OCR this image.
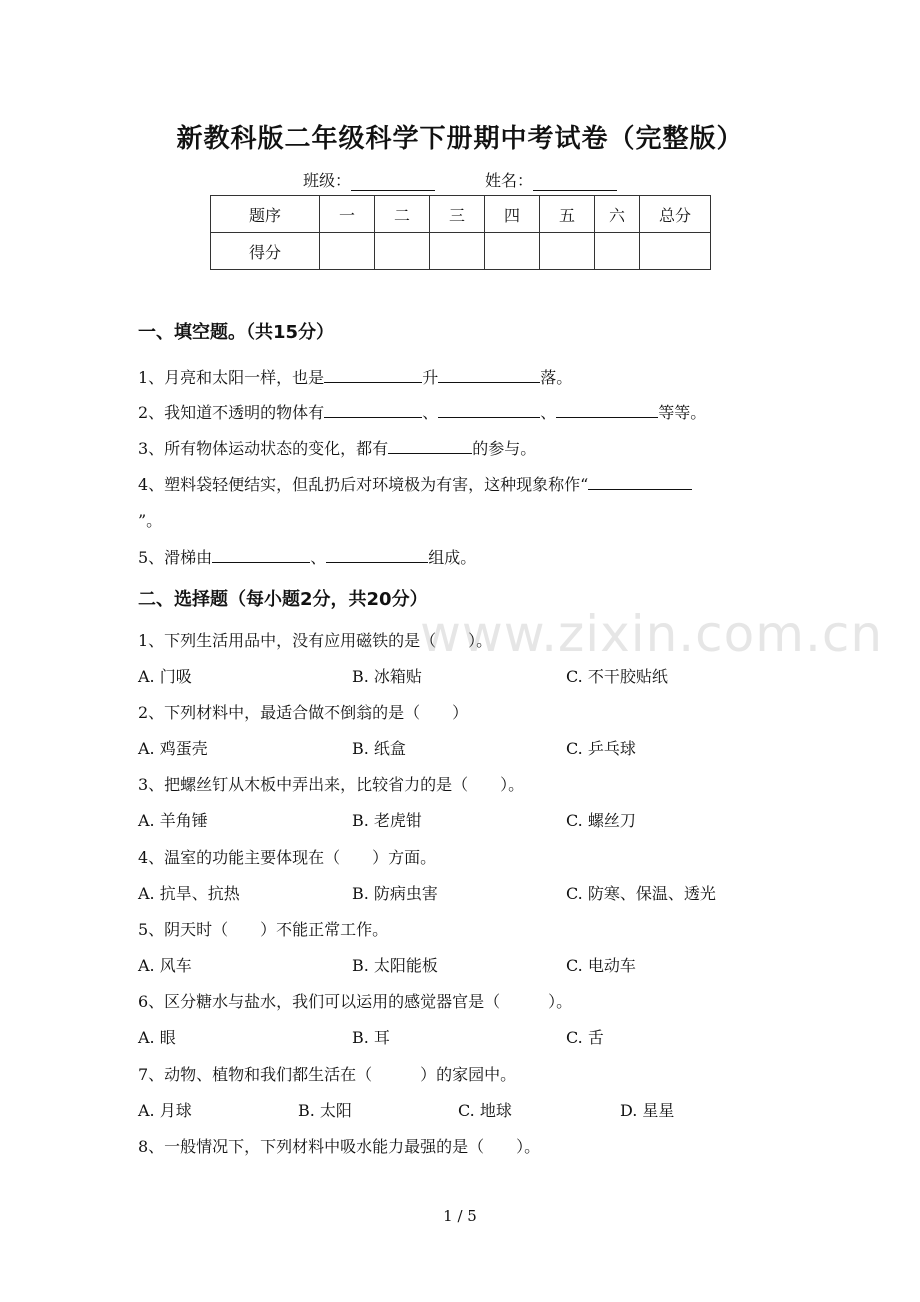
新教科版二年级科学下册期中考试卷（完整版）
班级：	姓名：
题序	一	二	三	四	五	六	总分
得分							
一、填空题。（共15分）
1、月亮和太阳一样，也是	升	落。
2、我知道不透明的物体有	、	、	等等。
3、所有物体运动状态的变化，都有	的参与。
4、塑料袋轻便结实，但乱扔后对环境极为有害，这种现象称作“
”。
5、滑梯由	、	组成。
二、选择题（每小题2分，共20分）
www.zixin.com.cn
1、下列生活用品中，没有应用磁铁的是（　　）。
A. 门吸	B. 冰箱贴	C. 不干胶贴纸
2、下列材料中，最适合做不倒翁的是（　　）
A. 鸡蛋壳	B. 纸盒	C. 乒乓球
3、把螺丝钉从木板中弄出来，比较省力的是（　　）。
A. 羊角锤	B. 老虎钳	C. 螺丝刀
4、温室的功能主要体现在（　　）方面。
A. 抗旱、抗热	B. 防病虫害	C. 防寒、保温、透光
5、阴天时（　　）不能正常工作。
A. 风车	B. 太阳能板	C. 电动车
6、区分糖水与盐水，我们可以运用的感觉器官是（　　　）。
A. 眼	B. 耳	C. 舌
7、动物、植物和我们都生活在（　　　）的家园中。
A. 月球	B. 太阳	C. 地球	D. 星星
8、一般情况下，下列材料中吸水能力最强的是（　　）。
1 / 5
